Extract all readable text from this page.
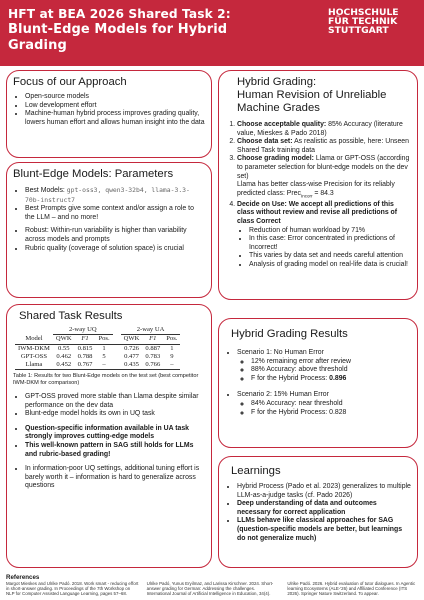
HFT at BEA 2026 Shared Task 2:
Blunt-Edge Models for Hybrid
Grading
HOCHSCHULE
FÜR TECHNIK
STUTTGART
Focus of our Approach
• Open-source models
• Low development effort
• Machine-human hybrid process improves grading quality, lowers human effort and allows human insight into the data
Blunt-Edge Models: Parameters
• Best Models: gpt-oss3, qwen3-32b4, llama-3.3-70b-instruct7
• Best Prompts give some context and/or assign a role to the LLM – and no more!
• Robust: Within-run variability is higher than variability across models and prompts
• Rubric quality (coverage of solution space) is crucial
Hybrid Grading:
Human Revision of Unreliable
Machine Grades
1. Choose acceptable quality: 85% Accuracy (literature value, Mieskes & Pado 2018)
2. Choose data set: As realistic as possible, here: Unseen Shared Task training data
3. Choose grading model: Llama or GPT-OSS (according to parameter selection for blunt-edge models on the dev set)
Llama has better class-wise Precision for its reliably predicted class: Prec$_{Incorr}$ = 84.3
4. Decide on Use: We accept all predictions of this class without review and revise all predictions of class Correct
• Reduction of human workload by 71%
• In this case: Error concentrated in predictions of Incorrect!
• This varies by data set and needs careful attention
• Analysis of grading model on real-life data is crucial!
Shared Task Results
	2-way UQ				2-way UA		
Model	QWK	F1	Pos.		QWK	F1	Pos.
IWM-DKM	0.55	0.815	1		0.726	0.887	1
GPT-OSS	0.462	0.788	5		0.477	0.783	9
Llama	0.452	0.767	–		0.435	0.766	–
Table 1: Results for two Blunt-Edge models on the test set (best competitor IWM-DKM for comparison)
• GPT-OSS proved more stable than Llama despite similar performance on the dev data
• Blunt-edge model holds its own in UQ task
• Question-specific information available in UA task strongly improves cutting-edge models
• This well-known pattern in SAG still holds for LLMs and rubric-based grading!
• In information-poor UQ settings, additional tuning effort is barely worth it – information is hard to generalize across questions
Hybrid Grading Results
• Scenario 1: No Human Error
◦ 12% remaining error after review
◦ 88% Accuracy: above threshold
◦ F for the Hybrid Process: 0.896
• Scenario 2: 15% Human Error
◦ 84% Accuracy: near threshold
◦ F for the Hybrid Process: 0.828
Learnings
• Hybrid Process (Pado et al. 2023) generalizes to multiple LLM-as-a-judge tasks (cf. Pado 2026)
• Deep understanding of data and outcomes necessary for correct application
• LLMs behave like classical approaches for SAG (question-specific models are better, but learnings do not generalize much)
References
Margot Mieskes and Ulrike Padó. 2018. Work smart - reducing effort in short-answer grading. In Proceedings of the 7th Workshop on NLP for Computer Assisted Language Learning, pages 57–68.
Ulrike Padó, Yunus Eryilmaz, and Larissa Kirschner. 2024. Short-answer grading for German: Addressing the challenges. International Journal of Artificial Intelligence in Education, 34(4).
Ulrike Padó. 2026. Hybrid evaluation of tutor dialogues. In Agentic learning Ecosystems (ALE-'26) and Affiliated Conference (ITS 2026). Springer Nature Switzerland. To appear.
